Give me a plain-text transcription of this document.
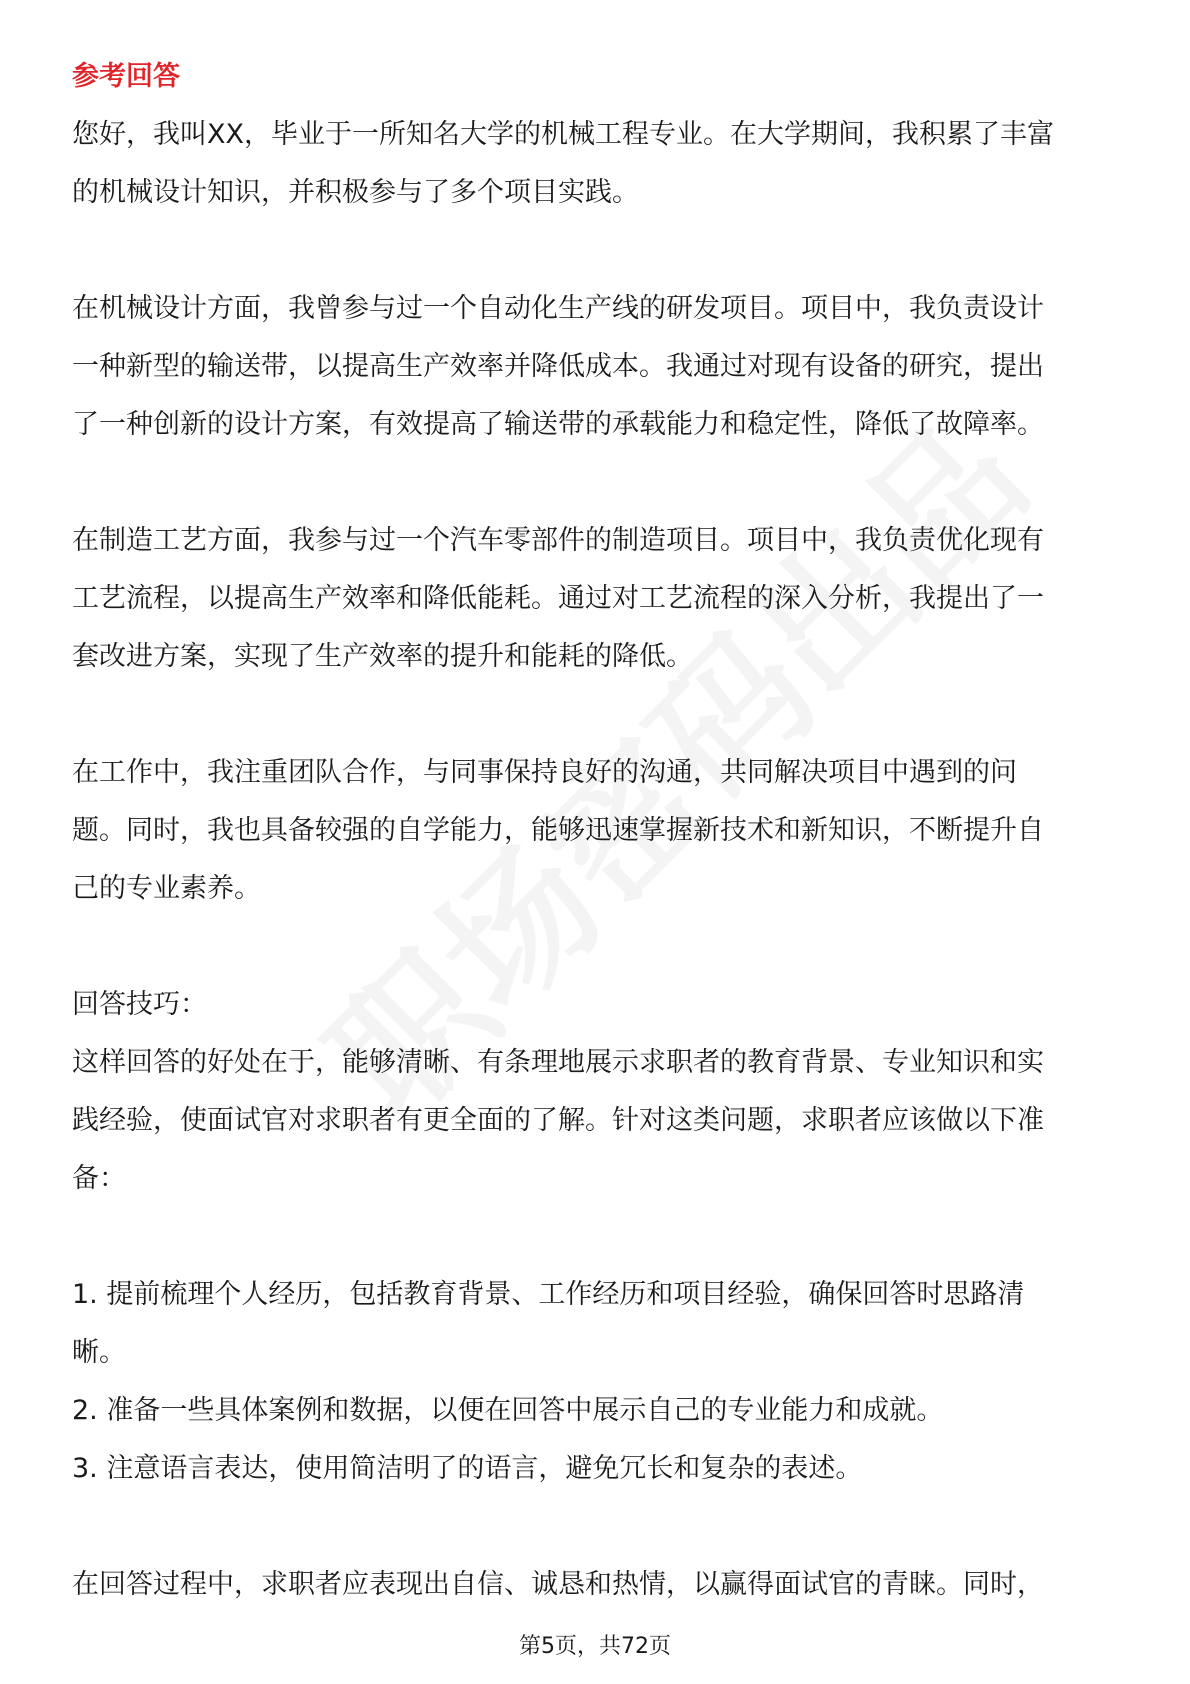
参考回答
您好，我叫XX，毕业于一所知名大学的机械工程专业。在大学期间，我积累了丰富
的机械设计知识，并积极参与了多个项目实践。
在机械设计方面，我曾参与过一个自动化生产线的研发项目。项目中，我负责设计
一种新型的输送带，以提高生产效率并降低成本。我通过对现有设备的研究，提出
了一种创新的设计方案，有效提高了输送带的承载能力和稳定性，降低了故障率。
在制造工艺方面，我参与过一个汽车零部件的制造项目。项目中，我负责优化现有
工艺流程，以提高生产效率和降低能耗。通过对工艺流程的深入分析，我提出了一
套改进方案，实现了生产效率的提升和能耗的降低。
在工作中，我注重团队合作，与同事保持良好的沟通，共同解决项目中遇到的问
题。同时，我也具备较强的自学能力，能够迅速掌握新技术和新知识，不断提升自
己的专业素养。
回答技巧：
这样回答的好处在于，能够清晰、有条理地展示求职者的教育背景、专业知识和实
践经验，使面试官对求职者有更全面的了解。针对这类问题，求职者应该做以下准
备：
1. 提前梳理个人经历，包括教育背景、工作经历和项目经验，确保回答时思路清
晰。
2. 准备一些具体案例和数据，以便在回答中展示自己的专业能力和成就。
3. 注意语言表达，使用简洁明了的语言，避免冗长和复杂的表述。
在回答过程中，求职者应表现出自信、诚恳和热情，以赢得面试官的青睐。同时，
第5页，共72页
